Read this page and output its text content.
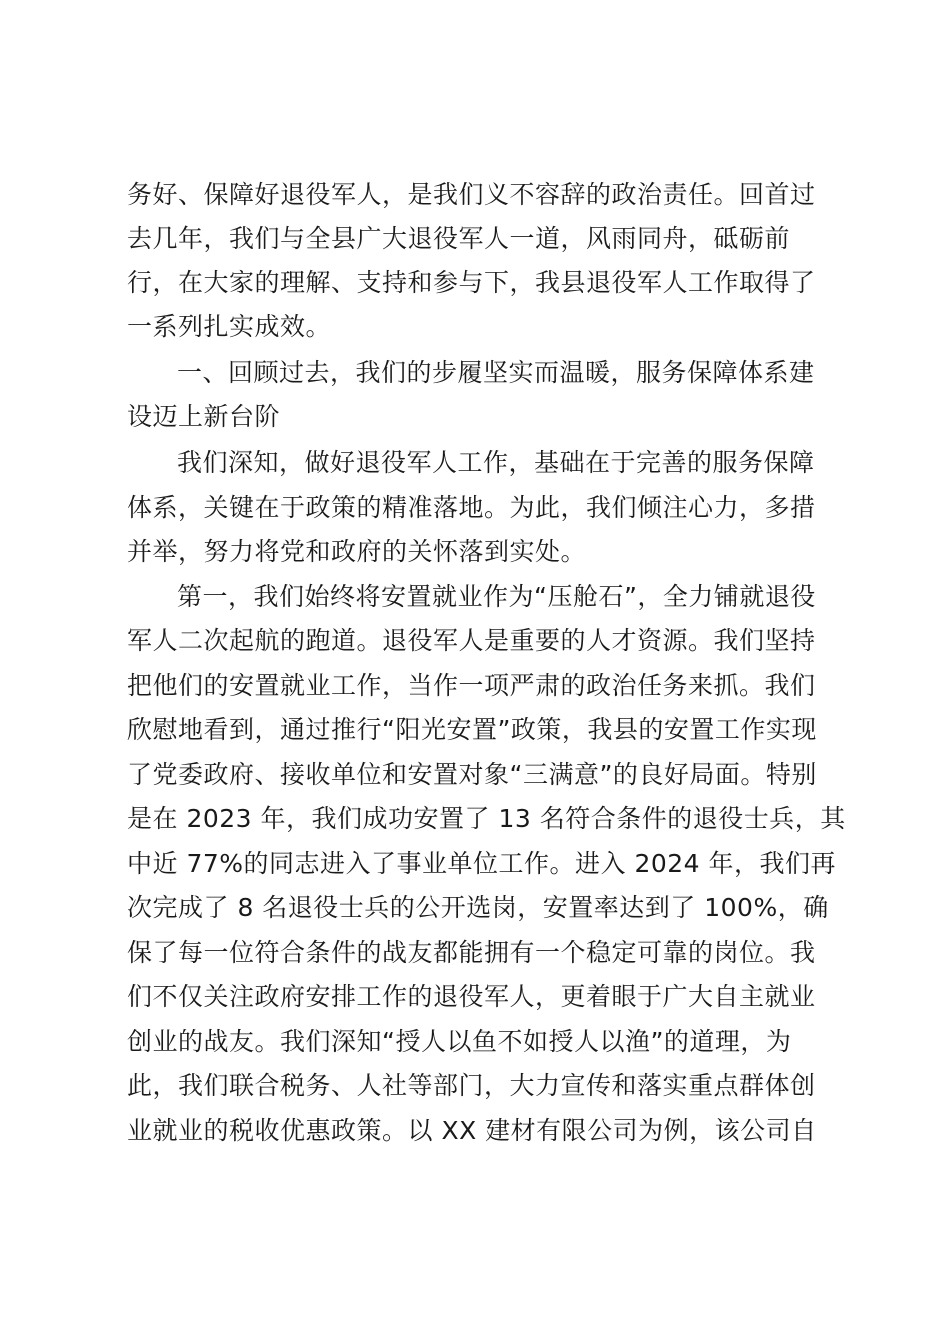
务好、保障好退役军人，是我们义不容辞的政治责任。回首过
去几年，我们与全县广大退役军人一道，风雨同舟，砥砺前
行，在大家的理解、支持和参与下，我县退役军人工作取得了
一系列扎实成效。
一、回顾过去，我们的步履坚实而温暖，服务保障体系建
设迈上新台阶
我们深知，做好退役军人工作，基础在于完善的服务保障
体系，关键在于政策的精准落地。为此，我们倾注心力，多措
并举，努力将党和政府的关怀落到实处。
第一，我们始终将安置就业作为“压舱石”，全力铺就退役
军人二次起航的跑道。退役军人是重要的人才资源。我们坚持
把他们的安置就业工作，当作一项严肃的政治任务来抓。我们
欣慰地看到，通过推行“阳光安置”政策，我县的安置工作实现
了党委政府、接收单位和安置对象“三满意”的良好局面。特别
是在 2023 年，我们成功安置了 13 名符合条件的退役士兵，其
中近 77%的同志进入了事业单位工作。进入 2024 年，我们再
次完成了 8 名退役士兵的公开选岗，安置率达到了 100%，确
保了每一位符合条件的战友都能拥有一个稳定可靠的岗位。我
们不仅关注政府安排工作的退役军人，更着眼于广大自主就业
创业的战友。我们深知“授人以鱼不如授人以渔”的道理，为
此，我们联合税务、人社等部门，大力宣传和落实重点群体创
业就业的税收优惠政策。以 XX 建材有限公司为例，该公司自
